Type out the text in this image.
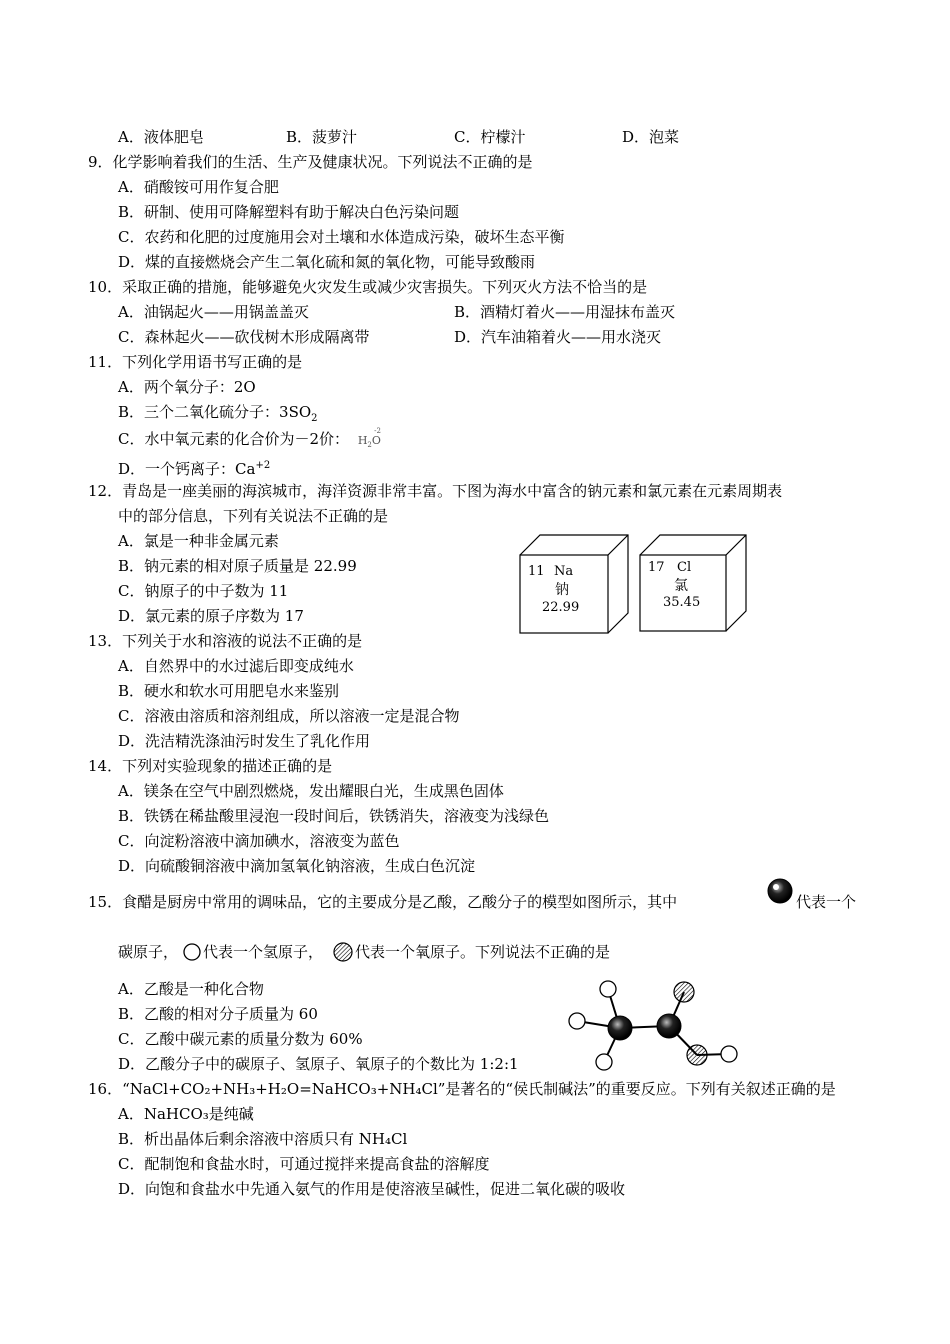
A．液体肥皂	B．菠萝汁	C．柠檬汁	D．泡菜
9．化学影响着我们的生活、生产及健康状况。下列说法不正确的是
A．硝酸铵可用作复合肥
B．研制、使用可降解塑料有助于解决白色污染问题
C．农药和化肥的过度施用会对土壤和水体造成污染，破坏生态平衡
D．煤的直接燃烧会产生二氧化硫和氮的氧化物，可能导致酸雨
10．采取正确的措施，能够避免火灾发生或减少灾害损失。下列灭火方法不恰当的是
A．油锅起火——用锅盖盖灭	B．酒精灯着火——用湿抹布盖灭
C．森林起火——砍伐树木形成隔离带	D．汽车油箱着火——用水浇灭
11．下列化学用语书写正确的是
A．两个氧分子：2O
B．三个二氧化硫分子：$3SO_2$
C．水中氧元素的化合价为－2价： $H_2O$
-2
D．一个钙离子：$Ca^{+2}$
12．青岛是一座美丽的海滨城市，海洋资源非常丰富。下图为海水中富含的钠元素和氯元素在元素周期表
中的部分信息，下列有关说法不正确的是
A．氯是一种非金属元素
B．钠元素的相对原子质量是 22.99
C．钠原子的中子数为 11
D．氯元素的原子序数为 17
11 Na
钠
22.99
17 Cl
氯
35.45
13．下列关于水和溶液的说法不正确的是
A．自然界中的水过滤后即变成纯水
B．硬水和软水可用肥皂水来鉴别
C．溶液由溶质和溶剂组成，所以溶液一定是混合物
D．洗洁精洗涤油污时发生了乳化作用
14．下列对实验现象的描述正确的是
A．镁条在空气中剧烈燃烧，发出耀眼白光，生成黑色固体
B．铁锈在稀盐酸里浸泡一段时间后，铁锈消失，溶液变为浅绿色
C．向淀粉溶液中滴加碘水，溶液变为蓝色
D．向硫酸铜溶液中滴加氢氧化钠溶液，生成白色沉淀
15．食醋是厨房中常用的调味品，它的主要成分是乙酸，乙酸分子的模型如图所示，其中	代表一个
碳原子， 代表一个氢原子， 代表一个氧原子。下列说法不正确的是
A．乙酸是一种化合物
B．乙酸的相对分子质量为 60
C．乙酸中碳元素的质量分数为 60%
D．乙酸分子中的碳原子、氢原子、氧原子的个数比为 1:2:1
16．“NaCl+CO₂+NH₃+H₂O=NaHCO₃+NH₄Cl”是著名的“侯氏制碱法”的重要反应。下列有关叙述正确的是
A．NaHCO₃是纯碱
B．析出晶体后剩余溶液中溶质只有 NH₄Cl
C．配制饱和食盐水时，可通过搅拌来提高食盐的溶解度
D．向饱和食盐水中先通入氨气的作用是使溶液呈碱性，促进二氧化碳的吸收
